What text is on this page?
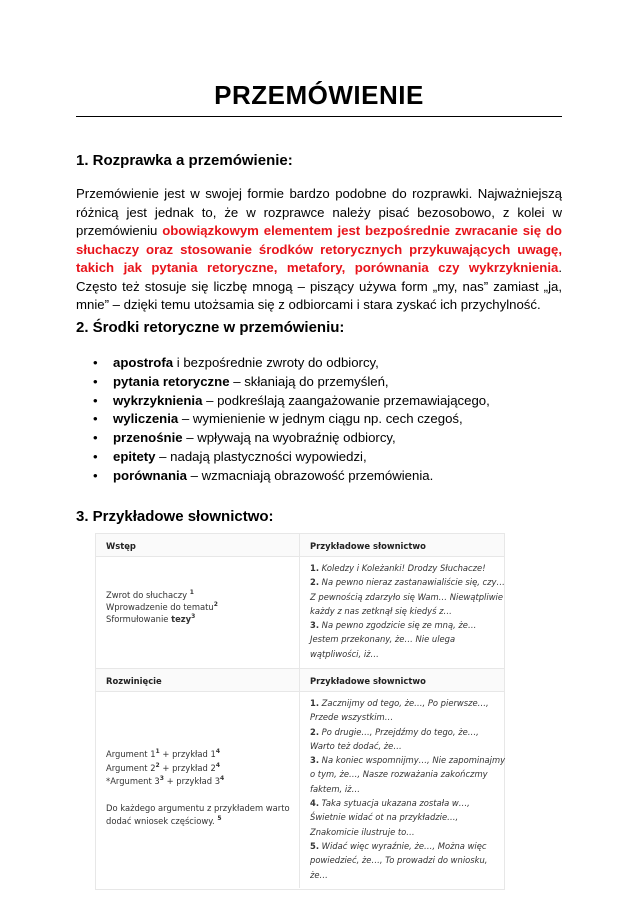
PRZEMÓWIENIE
1. Rozprawka a przemówienie:
Przemówienie jest w swojej formie bardzo podobne do rozprawki. Najważniejszą różnicą jest jednak to, że w rozprawce należy pisać bezosobowo, z kolei w przemówieniu obowiązkowym elementem jest bezpośrednie zwracanie się do słuchaczy oraz stosowanie środków retorycznych przykuwających uwagę, takich jak pytania retoryczne, metafory, porównania czy wykrzyknienia. Często też stosuje się liczbę mnogą – piszący używa form „my, nas” zamiast „ja, mnie” – dzięki temu utożsamia się z odbiorcami i stara zyskać ich przychylność.
2. Środki retoryczne w przemówieniu:
• apostrofa i bezpośrednie zwroty do odbiorcy,
• pytania retoryczne – skłaniają do przemyśleń,
• wykrzyknienia – podkreślają zaangażowanie przemawiającego,
• wyliczenia – wymienienie w jednym ciągu np. cech czegoś,
• przenośnie – wpływają na wyobraźnię odbiorcy,
• epitety – nadają plastyczności wypowiedzi,
• porównania – wzmacniają obrazowość przemówienia.
3. Przykładowe słownictwo:
Wstęp	Przykładowe słownictwo
Zwrot do słuchaczy $^1$
Wprowadzenie do tematu$^2$
Sformułowanie tezy$^3$
1. Koledzy i Koleżanki! Drodzy Słuchacze!
2. Na pewno nieraz zastanawialiście się, czy…
Z pewnością zdarzyło się Wam… Niewątpliwie
każdy z nas zetknął się kiedyś z…
3. Na pewno zgodzicie się ze mną, że…
Jestem przekonany, że… Nie ulega
wątpliwości, iż…
Rozwinięcie	Przykładowe słownictwo
Argument $1^1$ + przykład $1^4$
Argument $2^2$ + przykład $2^4$
*Argument $3^3$ + przykład $3^4$
Do każdego argumentu z przykładem warto
dodać wniosek częściowy. $^5$
1. Zacznijmy od tego, że…, Po pierwsze…,
Przede wszystkim…
2. Po drugie…, Przejdźmy do tego, że…,
Warto też dodać, że…
3. Na koniec wspomnijmy…, Nie zapominajmy
o tym, że…, Nasze rozważania zakończmy
faktem, iż…
4. Taka sytuacja ukazana została w…,
Świetnie widać ot na przykładzie…,
Znakomicie ilustruje to…
5. Widać więc wyraźnie, że…, Można więc
powiedzieć, że…, To prowadzi do wniosku,
że…
